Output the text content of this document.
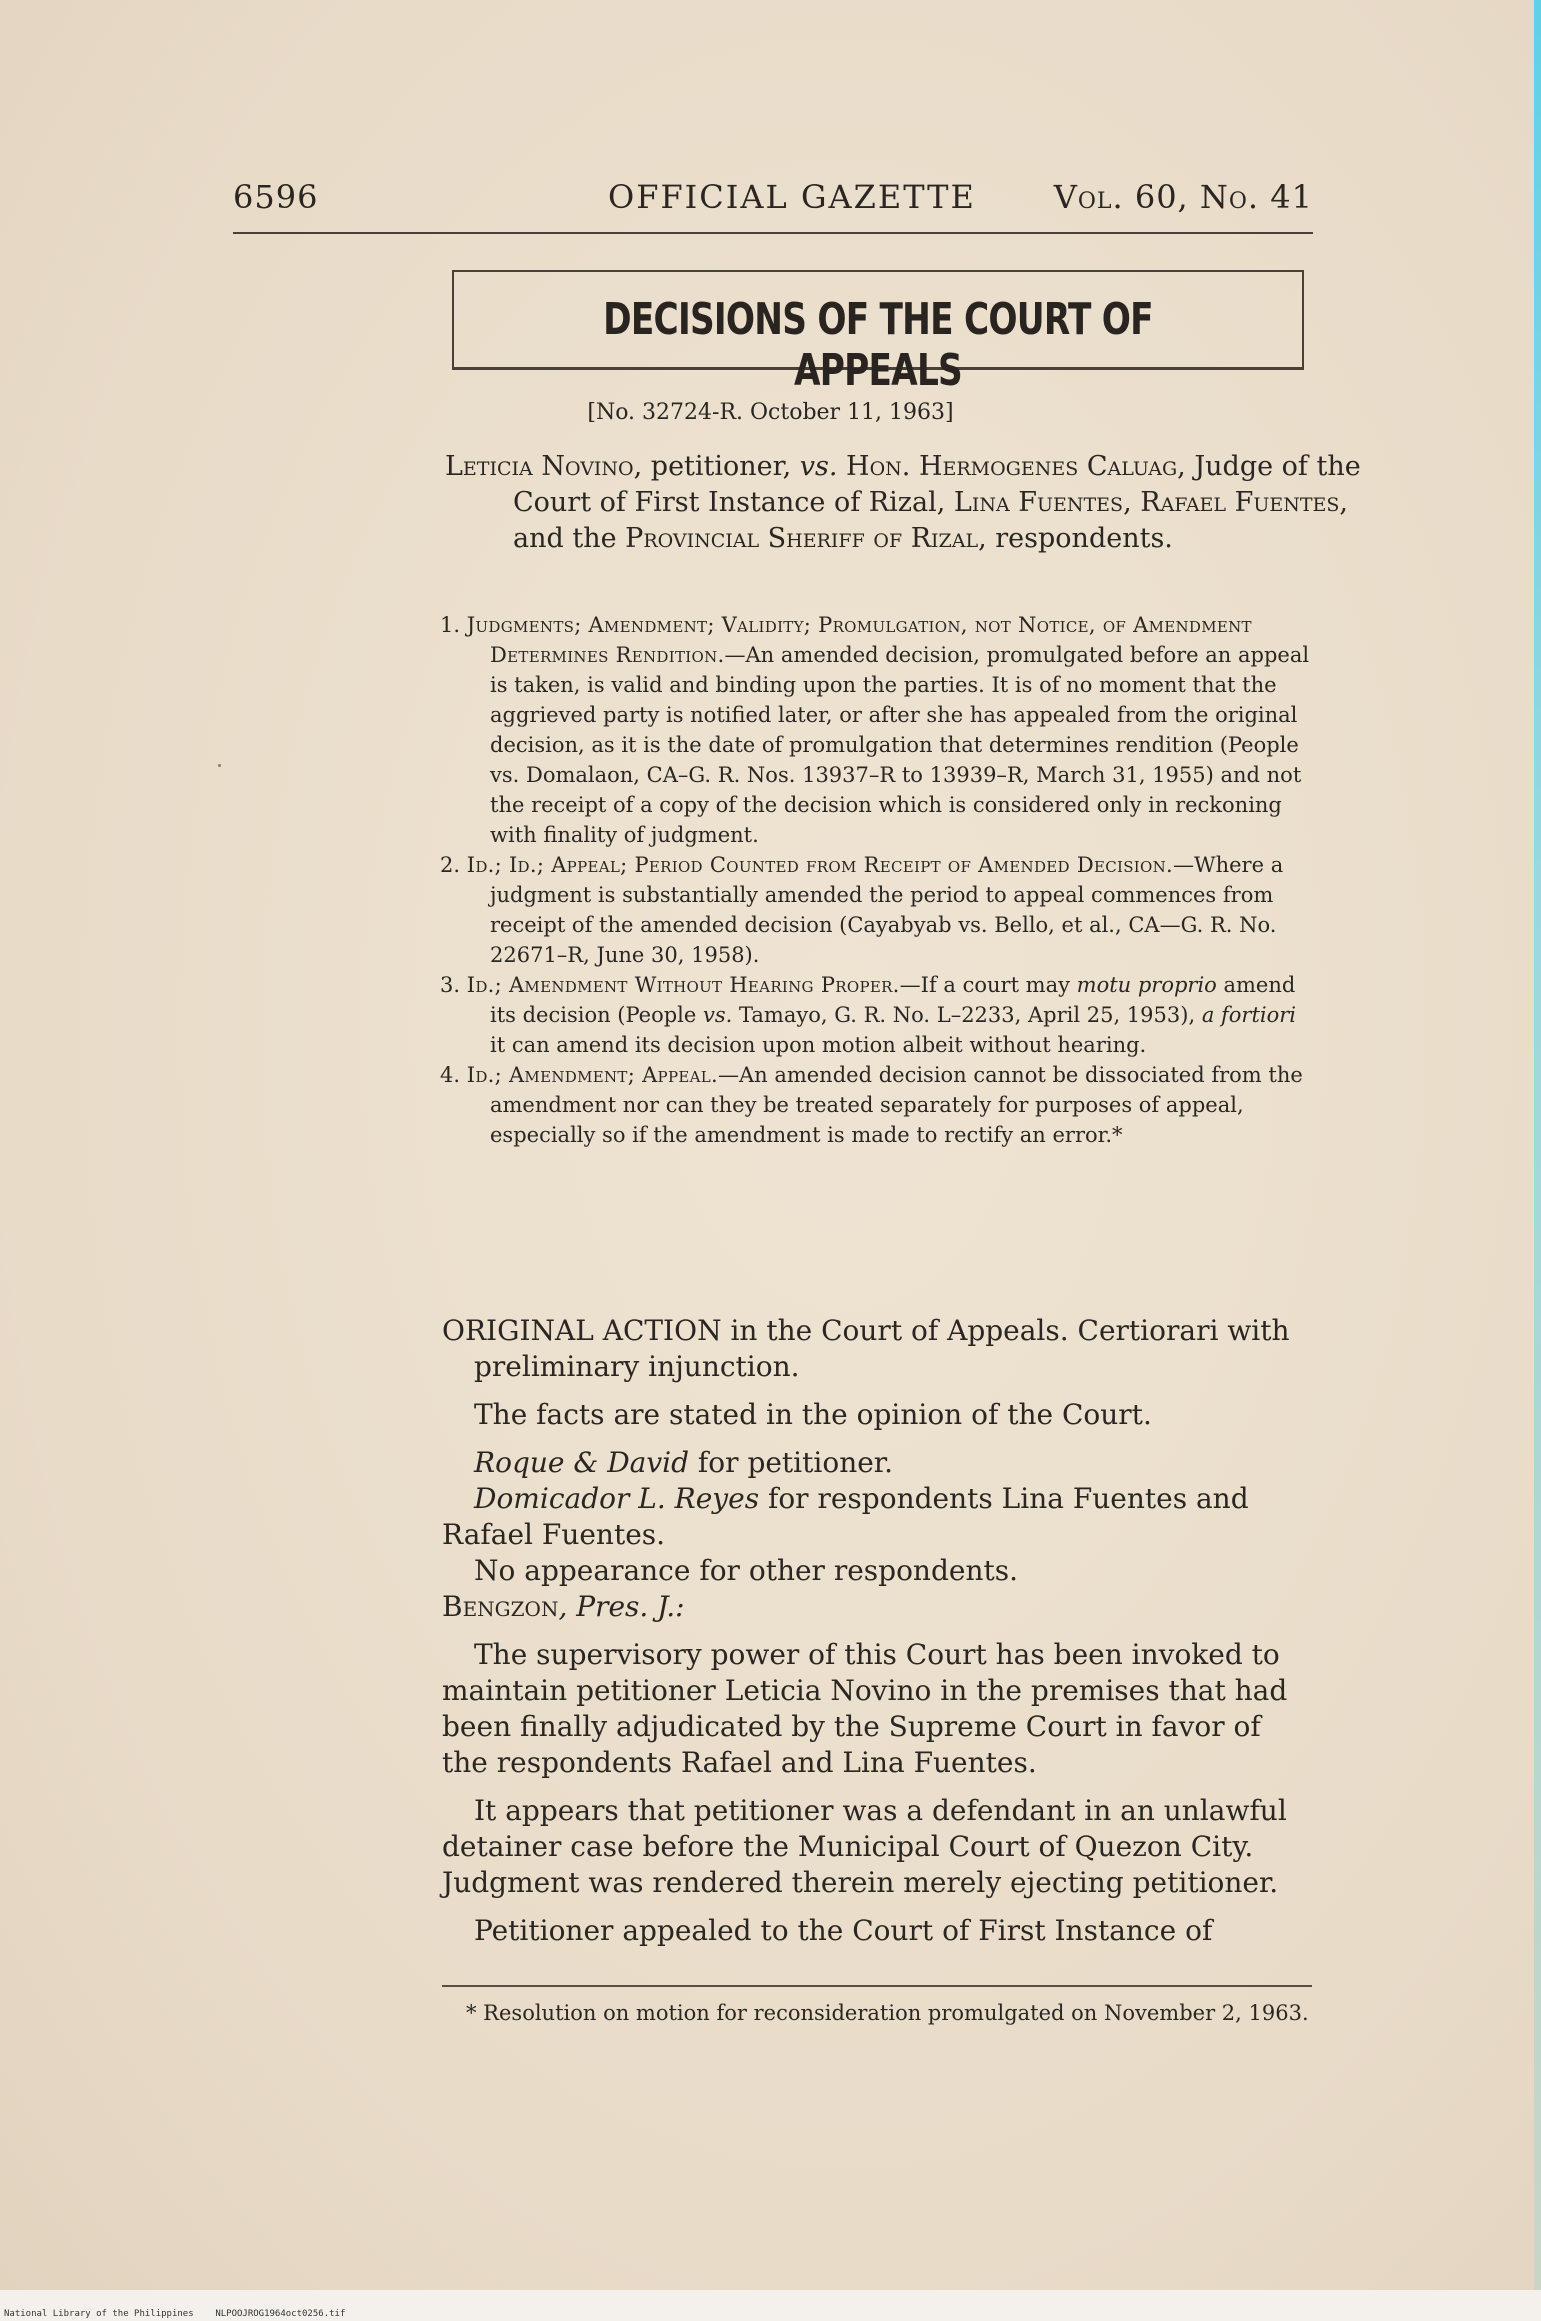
6596	OFFICIAL GAZETTE Vol. 60, No. 41
DECISIONS OF THE COURT OF APPEALS
[No. 32724-R. October 11, 1963]
Leticia Novino, petitioner, vs. Hon. Hermogenes Caluag, Judge of the Court of First Instance of Rizal, Lina Fuentes, Rafael Fuentes, and the Provincial Sheriff of Rizal, respondents.

1. Judgments; Amendment; Validity; Promulgation, not Notice, of Amendment Determines Rendition.—An amended decision, promulgated before an appeal is taken, is valid and binding upon the parties. It is of no moment that the aggrieved party is notified later, or after she has appealed from the original decision, as it is the date of promulgation that determines rendition (People vs. Domalaon, CA–G. R. Nos. 13937–R to 13939–R, March 31, 1955) and not the receipt of a copy of the decision which is considered only in reckoning with finality of judgment.

2. Id.; Id.; Appeal; Period Counted from Receipt of Amended Decision.—Where a judgment is substantially amended the period to appeal commences from receipt of the amended decision (Cayabyab vs. Bello, et al., CA—G. R. No. 22671–R, June 30, 1958).

3. Id.; Amendment Without Hearing Proper.—If a court may motu proprio amend its decision (People vs. Tamayo, G. R. No. L–2233, April 25, 1953), a fortiori it can amend its decision upon motion albeit without hearing.

4. Id.; Amendment; Appeal.—An amended decision cannot be dissociated from the amendment nor can they be treated separately for purposes of appeal, especially so if the amendment is made to rectify an error.*

ORIGINAL ACTION in the Court of Appeals. Certiorari with preliminary injunction.

The facts are stated in the opinion of the Court.

Roque & David for petitioner.

Domicador L. Reyes for respondents Lina Fuentes and Rafael Fuentes.

No appearance for other respondents.

Bengzon, Pres. J.:

The supervisory power of this Court has been invoked to maintain petitioner Leticia Novino in the premises that had been finally adjudicated by the Supreme Court in favor of the respondents Rafael and Lina Fuentes.

It appears that petitioner was a defendant in an unlawful detainer case before the Municipal Court of Quezon City. Judgment was rendered therein merely ejecting petitioner.

Petitioner appealed to the Court of First Instance of

* Resolution on motion for reconsideration promulgated on November 2, 1963.
National Library of the Philippines    NLPOOJROG1964oct0256.tif
